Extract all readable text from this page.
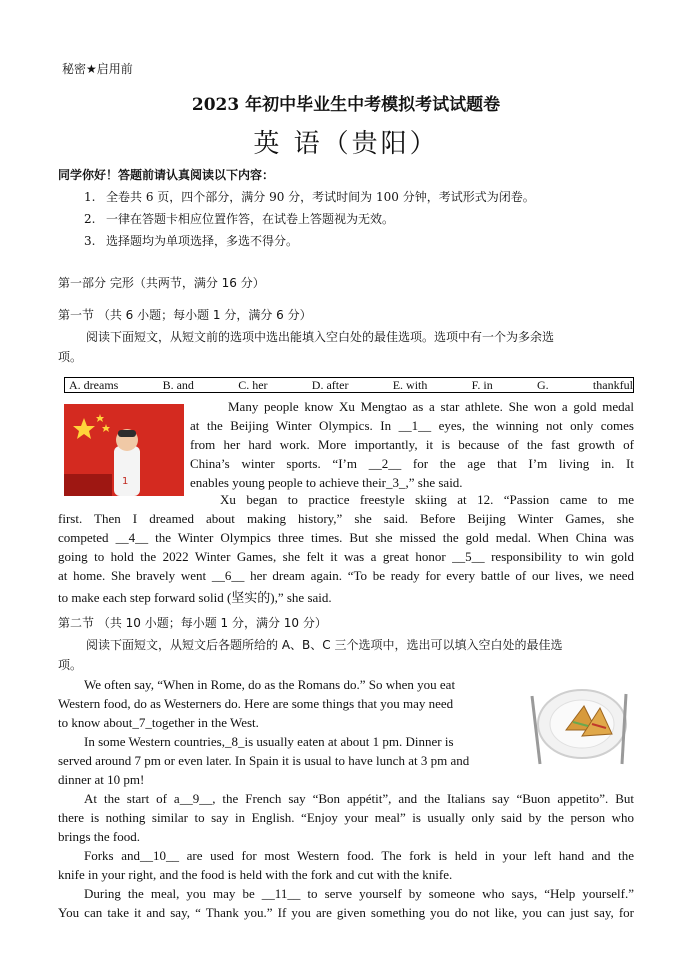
秘密★启用前
2023 年初中毕业生中考模拟考试试题卷
英 语（贵阳）
同学你好！答题前请认真阅读以下内容：
1. 全卷共 6 页，四个部分，满分 90 分，考试时间为 100 分钟，考试形式为闭卷。
2. 一律在答题卡相应位置作答，在试卷上答题视为无效。
3. 选择题均为单项选择，多选不得分。
第一部分 完形（共两节，满分 16 分）
第一节 （共 6 小题；每小题 1 分，满分 6 分）
阅读下面短文，从短文前的选项中选出能填入空白处的最佳选项。选项中有一个为多余选
项。
A. dreams	B. and	C. her	D. after	E. with	F. in	G.	thankful
1
Many people know Xu Mengtao as a star athlete. She won a gold medal
at the Beijing Winter Olympics. In __1__ eyes, the winning not only comes
from her hard work. More importantly, it is because of the fast growth of
China’s winter sports. “I’m __2__ for the age that I’m living in. It
enables young people to achieve their_3_,” she said.
Xu began to practice freestyle skiing at 12. “Passion came to me
first. Then I dreamed about making history,” she said. Before Beijing Winter Games, she
competed __4__ the Winter Olympics three times. But she missed the gold medal. When China was
going to hold the 2022 Winter Games, she felt it was a great honor __5__ responsibility to win gold
at home. She bravely went __6__ her dream again. “To be ready for every battle of our lives, we need
to make each step forward solid (坚实的),” she said.
第二节 （共 10 小题；每小题 1 分，满分 10 分）
阅读下面短文，从短文后各题所给的 A、B、C 三个选项中，选出可以填入空白处的最佳选
项。
We often say, “When in Rome, do as the Romans do.” So when you eat
Western food, do as Westerners do. Here are some things that you may need
to know about_7_together in the West.
In some Western countries,_8_is usually eaten at about 1 pm. Dinner is
served around 7 pm or even later. In Spain it is usual to have lunch at 3 pm and
dinner at 10 pm!
At the start of a__9__, the French say “Bon appétit”, and the Italians say “Buon appetito”. But
there is nothing similar to say in English. “Enjoy your meal” is usually only said by the person who
brings the food.
Forks and__10__ are used for most Western food. The fork is held in your left hand and the
knife in your right, and the food is held with the fork and cut with the knife.
During the meal, you may be __11__ to serve yourself by someone who says, “Help yourself.”
You can take it and say, “ Thank you.” If you are given something you do not like, you can just say, for
